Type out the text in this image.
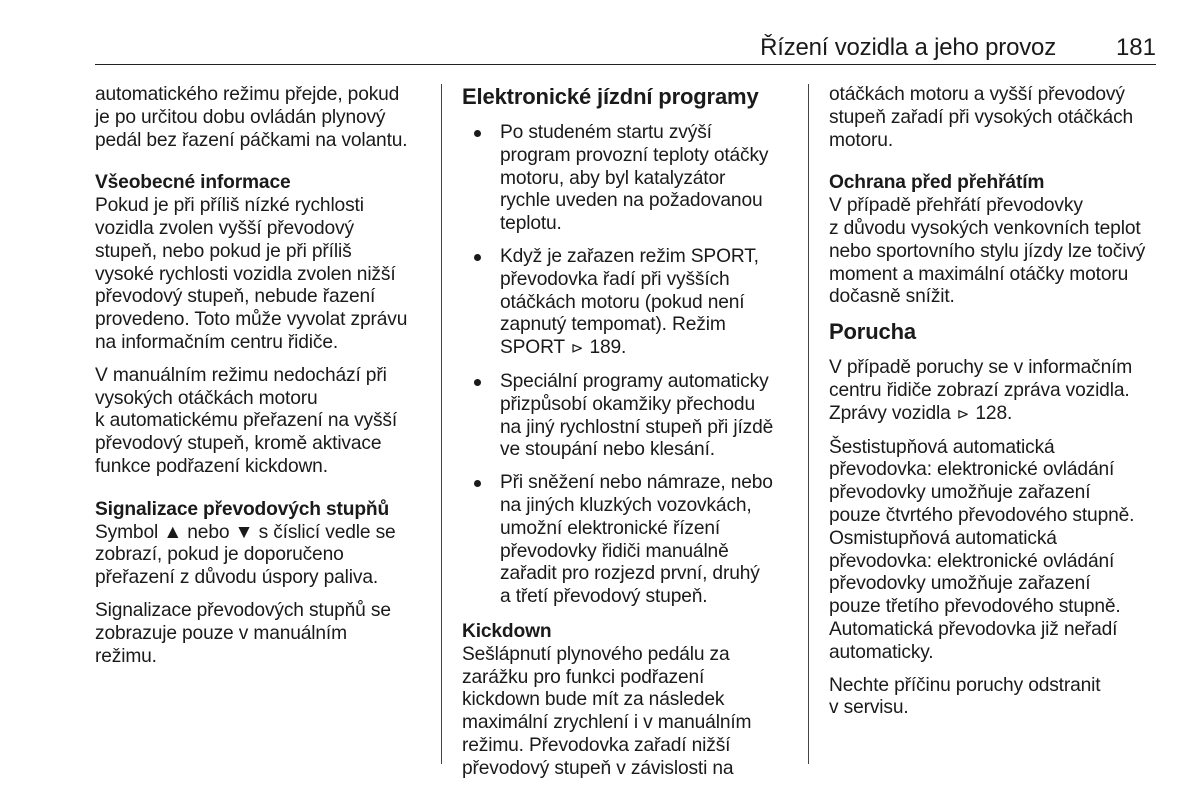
Řízení vozidla a jeho provoz 181

automatického režimu přejde, pokud
je po určitou dobu ovládán plynový
pedál bez řazení páčkami na volantu.

Všeobecné informace

Pokud je při příliš nízké rychlosti
vozidla zvolen vyšší převodový
stupeň, nebo pokud je při příliš
vysoké rychlosti vozidla zvolen nižší
převodový stupeň, nebude řazení
provedeno. Toto může vyvolat zprávu
na informačním centru řidiče.

V manuálním režimu nedochází při
vysokých otáčkách motoru
k automatickému přeřazení na vyšší
převodový stupeň, kromě aktivace
funkce podřazení kickdown.

Signalizace převodových stupňů

Symbol ▲ nebo ▼ s číslicí vedle se
zobrazí, pokud je doporučeno
přeřazení z důvodu úspory paliva.

Signalizace převodových stupňů se
zobrazuje pouze v manuálním
režimu.

Elektronické jízdní programy
Po studeném startu zvýší
program provozní teploty otáčky
motoru, aby byl katalyzátor
rychle uveden na požadovanou
teplotu.
Když je zařazen režim SPORT,
převodovka řadí při vyšších
otáčkách motoru (pokud není
zapnutý tempomat). Režim
SPORT ⊳ 189.
Speciální programy automaticky
přizpůsobí okamžiky přechodu
na jiný rychlostní stupeň při jízdě
ve stoupání nebo klesání.
Při sněžení nebo námraze, nebo
na jiných kluzkých vozovkách,
umožní elektronické řízení
převodovky řidiči manuálně
zařadit pro rozjezd první, druhý
a třetí převodový stupeň.
Kickdown

Sešlápnutí plynového pedálu za
zarážku pro funkci podřazení
kickdown bude mít za následek
maximální zrychlení i v manuálním
režimu. Převodovka zařadí nižší
převodový stupeň v závislosti na

otáčkách motoru a vyšší převodový
stupeň zařadí při vysokých otáčkách
motoru.

Ochrana před přehřátím

V případě přehřátí převodovky
z důvodu vysokých venkovních teplot
nebo sportovního stylu jízdy lze točivý
moment a maximální otáčky motoru
dočasně snížit.

Porucha

V případě poruchy se v informačním
centru řidiče zobrazí zpráva vozidla.
Zprávy vozidla ⊳ 128.

Šestistupňová automatická
převodovka: elektronické ovládání
převodovky umožňuje zařazení
pouze čtvrtého převodového stupně.
Osmistupňová automatická
převodovka: elektronické ovládání
převodovky umožňuje zařazení
pouze třetího převodového stupně.
Automatická převodovka již neřadí
automaticky.

Nechte příčinu poruchy odstranit
v servisu.
